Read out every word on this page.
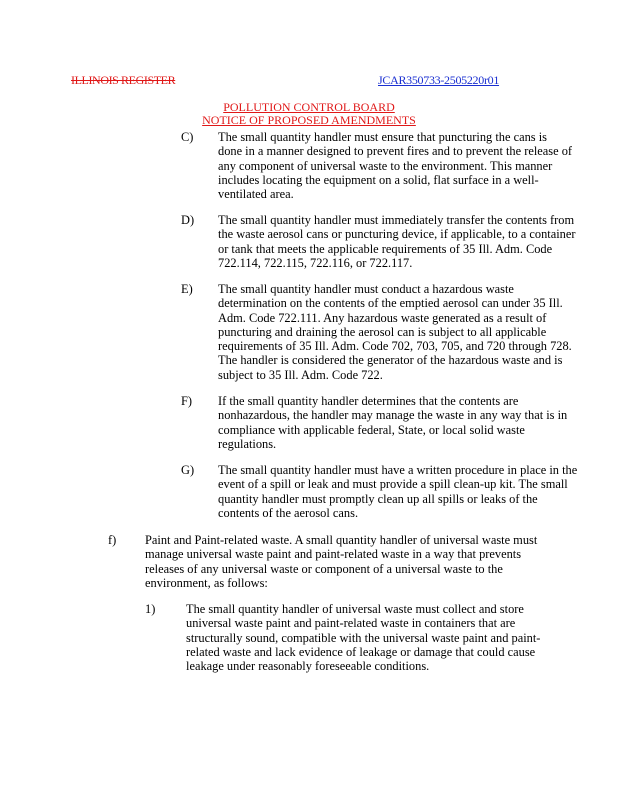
ILLINOIS REGISTER	JCAR350733-2505220r01
POLLUTION CONTROL BOARD
NOTICE OF PROPOSED AMENDMENTS
C) The small quantity handler must ensure that puncturing the cans is done in a manner designed to prevent fires and to prevent the release of any component of universal waste to the environment. This manner includes locating the equipment on a solid, flat surface in a well-ventilated area.
D) The small quantity handler must immediately transfer the contents from the waste aerosol cans or puncturing device, if applicable, to a container or tank that meets the applicable requirements of 35 Ill. Adm. Code 722.114, 722.115, 722.116, or 722.117.
E) The small quantity handler must conduct a hazardous waste determination on the contents of the emptied aerosol can under 35 Ill. Adm. Code 722.111. Any hazardous waste generated as a result of puncturing and draining the aerosol can is subject to all applicable requirements of 35 Ill. Adm. Code 702, 703, 705, and 720 through 728. The handler is considered the generator of the hazardous waste and is subject to 35 Ill. Adm. Code 722.
F) If the small quantity handler determines that the contents are nonhazardous, the handler may manage the waste in any way that is in compliance with applicable federal, State, or local solid waste regulations.
G) The small quantity handler must have a written procedure in place in the event of a spill or leak and must provide a spill clean-up kit. The small quantity handler must promptly clean up all spills or leaks of the contents of the aerosol cans.
f) Paint and Paint-related waste. A small quantity handler of universal waste must manage universal waste paint and paint-related waste in a way that prevents releases of any universal waste or component of a universal waste to the environment, as follows:
1) The small quantity handler of universal waste must collect and store universal waste paint and paint-related waste in containers that are structurally sound, compatible with the universal waste paint and paint-related waste and lack evidence of leakage or damage that could cause leakage under reasonably foreseeable conditions.
